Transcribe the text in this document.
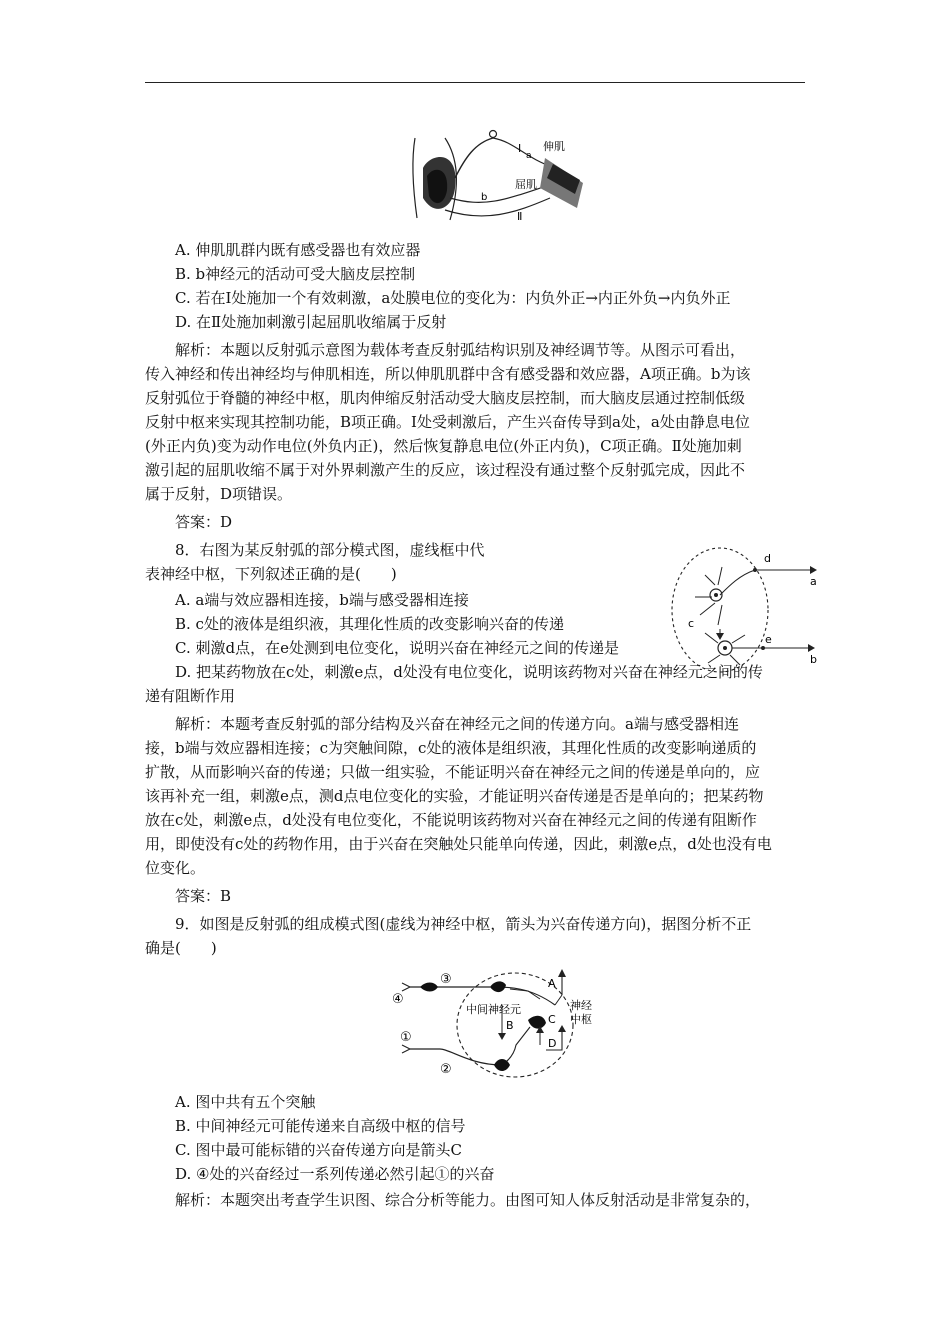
Ⅰ
a
伸肌
屈肌
b
Ⅱ
A. 伸肌肌群内既有感受器也有效应器
B. b神经元的活动可受大脑皮层控制
C. 若在Ⅰ处施加一个有效刺激，a处膜电位的变化为：内负外正→内正外负→内负外正
D. 在Ⅱ处施加刺激引起屈肌收缩属于反射
解析：本题以反射弧示意图为载体考查反射弧结构识别及神经调节等。从图示可看出，
传入神经和传出神经均与伸肌相连，所以伸肌肌群中含有感受器和效应器，A项正确。b为该
反射弧位于脊髓的神经中枢，肌肉伸缩反射活动受大脑皮层控制，而大脑皮层通过控制低级
反射中枢来实现其控制功能，B项正确。Ⅰ处受刺激后，产生兴奋传导到a处，a处由静息电位
(外正内负)变为动作电位(外负内正)，然后恢复静息电位(外正内负)，C项正确。Ⅱ处施加刺
激引起的屈肌收缩不属于对外界刺激产生的反应，该过程没有通过整个反射弧完成，因此不
属于反射，D项错误。
答案：D
8．右图为某反射弧的部分模式图，虚线框中代
表神经中枢，下列叙述正确的是(　　)
A. a端与效应器相连接，b端与感受器相连接
B. c处的液体是组织液，其理化性质的改变影响兴奋的传递
C. 刺激d点，在e处测到电位变化，说明兴奋在神经元之间的传递是
D. 把某药物放在c处，刺激e点，d处没有电位变化，说明该药物对兴奋在神经元之间的传
递有阻断作用
d
a
c
e
b
解析：本题考查反射弧的部分结构及兴奋在神经元之间的传递方向。a端与感受器相连
接，b端与效应器相连接；c为突触间隙，c处的液体是组织液，其理化性质的改变影响递质的
扩散，从而影响兴奋的传递；只做一组实验，不能证明兴奋在神经元之间的传递是单向的，应
该再补充一组，刺激e点，测d点电位变化的实验，才能证明兴奋传递是否是单向的；把某药物
放在c处，刺激e点，d处没有电位变化，不能说明该药物对兴奋在神经元之间的传递有阻断作
用，即使没有c处的药物作用，由于兴奋在突触处只能单向传递，因此，刺激e点，d处也没有电
位变化。
答案：B
9．如图是反射弧的组成模式图(虚线为神经中枢，箭头为兴奋传递方向)，据图分析不正
确是(　　)
④
③
①
②
A
B	C
D
中间神经元	神经
中枢
A. 图中共有五个突触
B. 中间神经元可能传递来自高级中枢的信号
C. 图中最可能标错的兴奋传递方向是箭头C
D. ④处的兴奋经过一系列传递必然引起①的兴奋
解析：本题突出考查学生识图、综合分析等能力。由图可知人体反射活动是非常复杂的，
